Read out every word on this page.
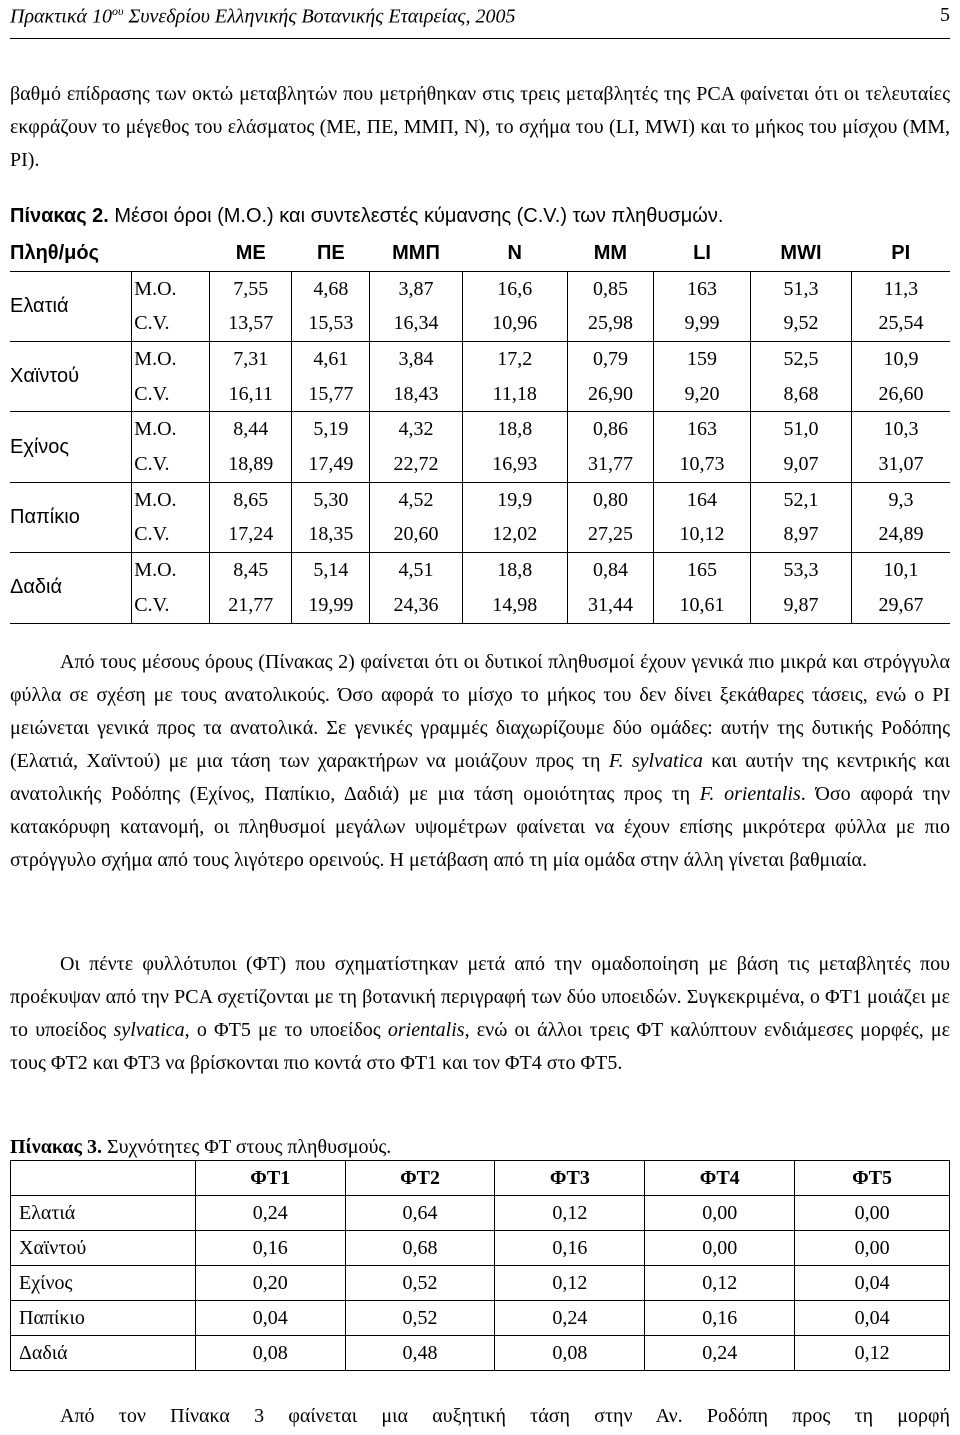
Πρακτικά $10^{o\upsilon}$ Συνεδρίου Ελληνικής Βοτανικής Εταιρείας, 2005	5

βαθμό επίδρασης των οκτώ μεταβλητών που μετρήθηκαν στις τρεις μεταβλητές της PCA φαίνεται ότι οι τελευταίες εκφράζουν το μέγεθος του ελάσματος (ΜΕ, ΠΕ, ΜΜΠ, Ν), το σχήμα του (LI, MWI) και το μήκος του μίσχου (ΜΜ, PI).

Πίνακας 2. Μέσοι όροι (Μ.Ο.) και συντελεστές κύμανσης (C.V.) των πληθυσμών.

Πληθ/μός		ΜΕ	ΠΕ	ΜΜΠ	Ν	ΜΜ	LI	MWI	PI
Ελατιά	Μ.Ο.	7,55	4,68	3,87	16,6	0,85	163	51,3	11,3
	C.V.	13,57	15,53	16,34	10,96	25,98	9,99	9,52	25,54
Χαϊντού	Μ.Ο.	7,31	4,61	3,84	17,2	0,79	159	52,5	10,9
	C.V.	16,11	15,77	18,43	11,18	26,90	9,20	8,68	26,60
Εχίνος	Μ.Ο.	8,44	5,19	4,32	18,8	0,86	163	51,0	10,3
	C.V.	18,89	17,49	22,72	16,93	31,77	10,73	9,07	31,07
Παπίκιο	Μ.Ο.	8,65	5,30	4,52	19,9	0,80	164	52,1	9,3
	C.V.	17,24	18,35	20,60	12,02	27,25	10,12	8,97	24,89
Δαδιά	Μ.Ο.	8,45	5,14	4,51	18,8	0,84	165	53,3	10,1
	C.V.	21,77	19,99	24,36	14,98	31,44	10,61	9,87	29,67

Από τους μέσους όρους (Πίνακας 2) φαίνεται ότι οι δυτικοί πληθυσμοί έχουν γενικά πιο μικρά και στρόγγυλα φύλλα σε σχέση με τους ανατολικούς. Όσο αφορά το μίσχο το μήκος του δεν δίνει ξεκάθαρες τάσεις, ενώ ο PI μειώνεται γενικά προς τα ανατολικά. Σε γενικές γραμμές διαχωρίζουμε δύο ομάδες: αυτήν της δυτικής Ροδόπης (Ελατιά, Χαϊντού) με μια τάση των χαρακτήρων να μοιάζουν προς τη F. sylvatica και αυτήν της κεντρικής και ανατολικής Ροδόπης (Εχίνος, Παπίκιο, Δαδιά) με μια τάση ομοιότητας προς τη F. orientalis. Όσο αφορά την κατακόρυφη κατανομή, οι πληθυσμοί μεγάλων υψομέτρων φαίνεται να έχουν επίσης μικρότερα φύλλα με πιο στρόγγυλο σχήμα από τους λιγότερο ορεινούς. Η μετάβαση από τη μία ομάδα στην άλλη γίνεται βαθμιαία.

Οι πέντε φυλλότυποι (ΦΤ) που σχηματίστηκαν μετά από την ομαδοποίηση με βάση τις μεταβλητές που προέκυψαν από την PCA σχετίζονται με τη βοτανική περιγραφή των δύο υποειδών. Συγκεκριμένα, ο ΦΤ1 μοιάζει με το υποείδος sylvatica, ο ΦΤ5 με το υποείδος orientalis, ενώ οι άλλοι τρεις ΦΤ καλύπτουν ενδιάμεσες μορφές, με τους ΦΤ2 και ΦΤ3 να βρίσκονται πιο κοντά στο ΦΤ1 και τον ΦΤ4 στο ΦΤ5.

Πίνακας 3. Συχνότητες ΦΤ στους πληθυσμούς.

	ΦΤ1	ΦΤ2	ΦΤ3	ΦΤ4	ΦΤ5
Ελατιά	0,24	0,64	0,12	0,00	0,00
Χαϊντού	0,16	0,68	0,16	0,00	0,00
Εχίνος	0,20	0,52	0,12	0,12	0,04
Παπίκιο	0,04	0,52	0,24	0,16	0,04
Δαδιά	0,08	0,48	0,08	0,24	0,12

Από τον Πίνακα 3 φαίνεται μια αυξητική τάση στην Αν. Ροδόπη προς τη μορφή
